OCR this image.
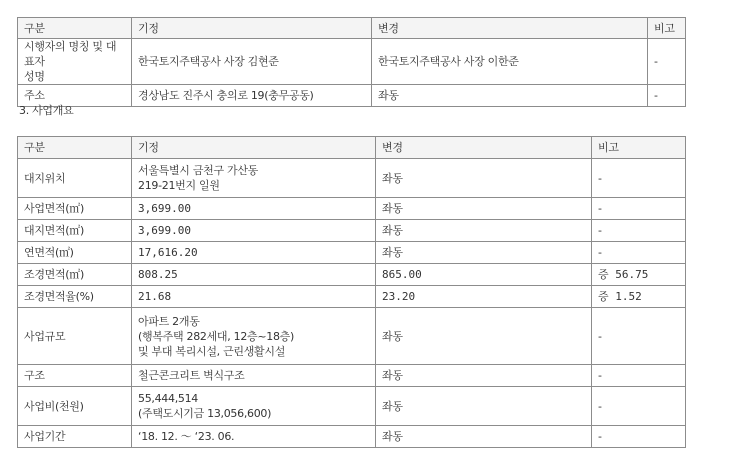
구분	기정	변경	비고

시행자의 명칭 및 대표자
성명	한국토지주택공사 사장 김현준	한국토지주택공사 사장 이한준	-
주소	경상남도 진주시 충의로 19(충무공동)	좌동	-
3. 사업개요
구분	기정	변경	비고
대지위치	서울특별시 금천구 가산동
219-21번지 일원	좌동	-
사업면적(㎡)	3,699.00	좌동	-
대지면적(㎡)	3,699.00	좌동	-
연면적(㎡)	17,616.20	좌동	-
조경면적(㎡)	808.25	865.00	증 56.75
조경면적율(%)	21.68	23.20	증 1.52
사업규모	아파트 2개동
(행복주택 282세대, 12층~18층)
및 부대 복리시설, 근린생활시설	좌동	-
구조	철근콘크리트 벽식구조	좌동	-
사업비(천원)	55,444,514
(주택도시기금 13,056,600)	좌동	-
사업기간	‘18. 12. ～ ‘23. 06.	좌동	-
